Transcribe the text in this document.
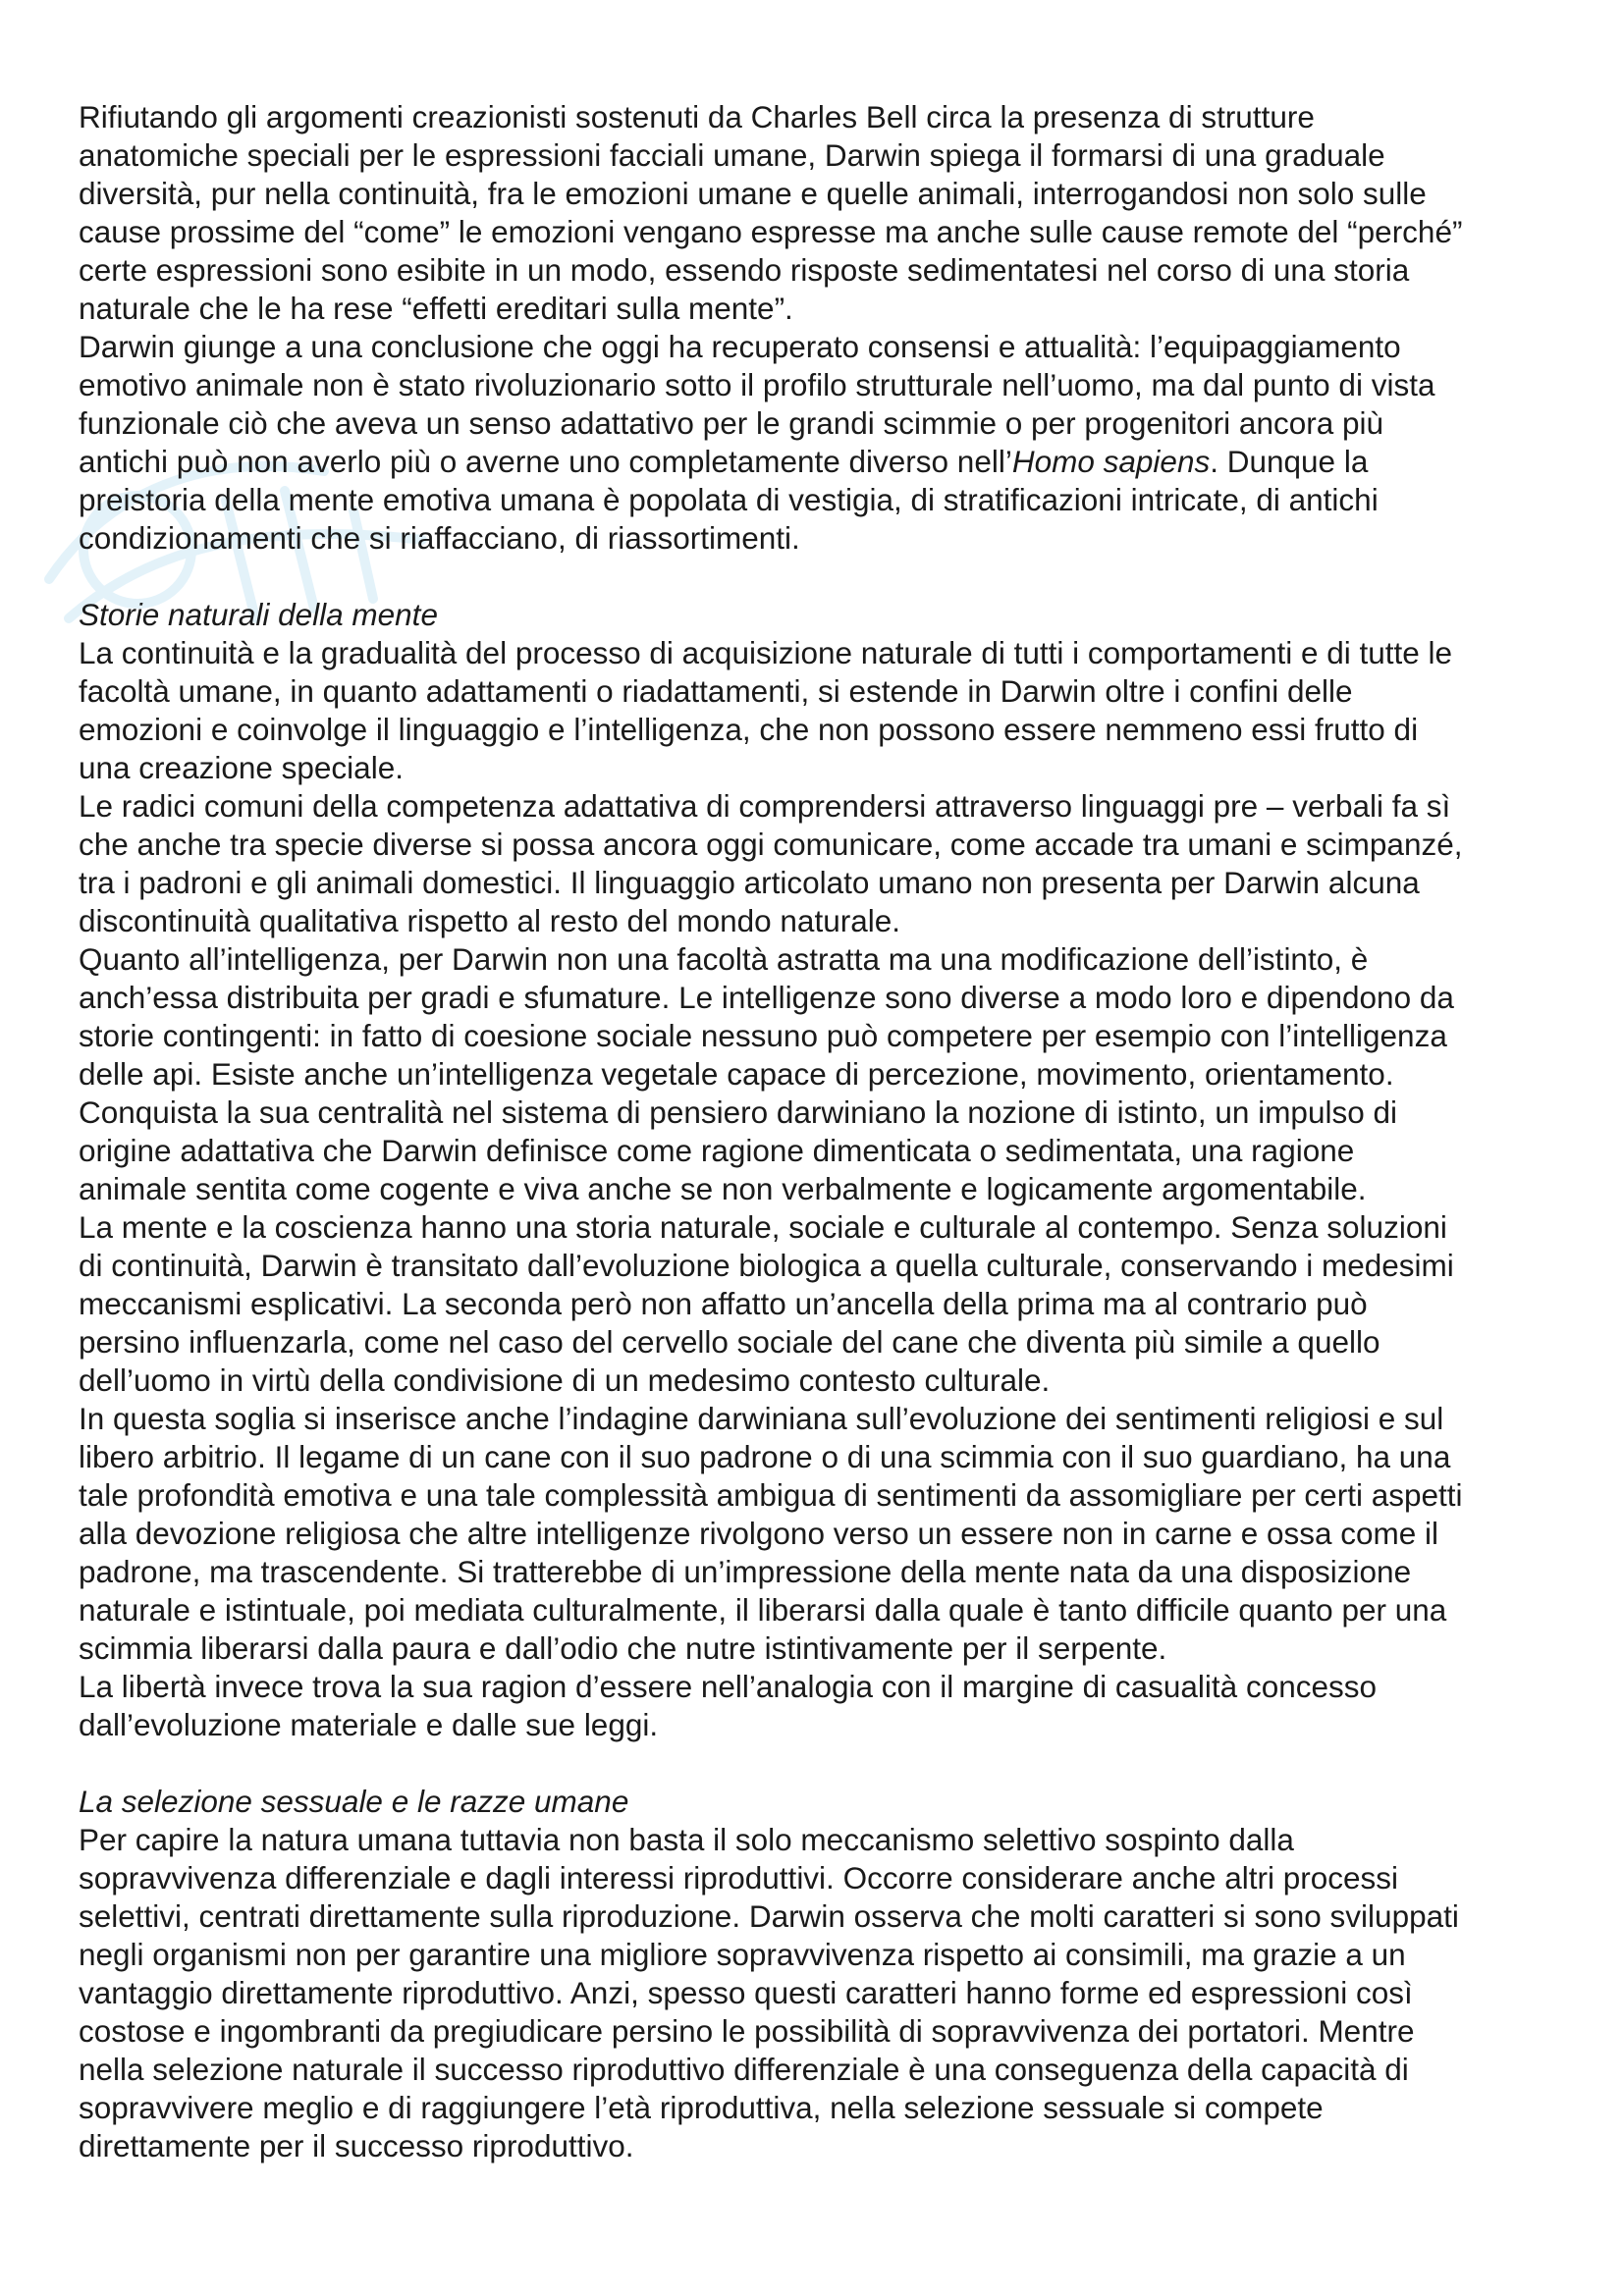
Rifiutando gli argomenti creazionisti sostenuti da Charles Bell circa la presenza di strutture

anatomiche speciali per le espressioni facciali umane, Darwin spiega il formarsi di una graduale

diversità, pur nella continuità, fra le emozioni umane e quelle animali, interrogandosi non solo sulle

cause prossime del “come” le emozioni vengano espresse ma anche sulle cause remote del “perché”

certe espressioni sono esibite in un modo, essendo risposte sedimentatesi nel corso di una storia

naturale che le ha rese “effetti ereditari sulla mente”.

Darwin giunge a una conclusione che oggi ha recuperato consensi e attualità: l’equipaggiamento

emotivo animale non è stato rivoluzionario sotto il profilo strutturale nell’uomo, ma dal punto di vista

funzionale ciò che aveva un senso adattativo per le grandi scimmie o per progenitori ancora più

antichi può non averlo più o averne uno completamente diverso nell’Homo sapiens. Dunque la

preistoria della mente emotiva umana è popolata di vestigia, di stratificazioni intricate, di antichi

condizionamenti che si riaffacciano, di riassortimenti.

Storie naturali della mente

La continuità e la gradualità del processo di acquisizione naturale di tutti i comportamenti e di tutte le

facoltà umane, in quanto adattamenti o riadattamenti, si estende in Darwin oltre i confini delle

emozioni e coinvolge il linguaggio e l’intelligenza, che non possono essere nemmeno essi frutto di

una creazione speciale.

Le radici comuni della competenza adattativa di comprendersi attraverso linguaggi pre – verbali fa sì

che anche tra specie diverse si possa ancora oggi comunicare, come accade tra umani e scimpanzé,

tra i padroni e gli animali domestici. Il linguaggio articolato umano non presenta per Darwin alcuna

discontinuità qualitativa rispetto al resto del mondo naturale.

Quanto all’intelligenza, per Darwin non una facoltà astratta ma una modificazione dell’istinto, è

anch’essa distribuita per gradi e sfumature. Le intelligenze sono diverse a modo loro e dipendono da

storie contingenti: in fatto di coesione sociale nessuno può competere per esempio con l’intelligenza

delle api. Esiste anche un’intelligenza vegetale capace di percezione, movimento, orientamento.

Conquista la sua centralità nel sistema di pensiero darwiniano la nozione di istinto, un impulso di

origine adattativa che Darwin definisce come ragione dimenticata o sedimentata, una ragione

animale sentita come cogente e viva anche se non verbalmente e logicamente argomentabile.

La mente e la coscienza hanno una storia naturale, sociale e culturale al contempo. Senza soluzioni

di continuità, Darwin è transitato dall’evoluzione biologica a quella culturale, conservando i medesimi

meccanismi esplicativi. La seconda però non affatto un’ancella della prima ma al contrario può

persino influenzarla, come nel caso del cervello sociale del cane che diventa più simile a quello

dell’uomo in virtù della condivisione di un medesimo contesto culturale.

In questa soglia si inserisce anche l’indagine darwiniana sull’evoluzione dei sentimenti religiosi e sul

libero arbitrio. Il legame di un cane con il suo padrone o di una scimmia con il suo guardiano, ha una

tale profondità emotiva e una tale complessità ambigua di sentimenti da assomigliare per certi aspetti

alla devozione religiosa che altre intelligenze rivolgono verso un essere non in carne e ossa come il

padrone, ma trascendente. Si tratterebbe di un’impressione della mente nata da una disposizione

naturale e istintuale, poi mediata culturalmente, il liberarsi dalla quale è tanto difficile quanto per una

scimmia liberarsi dalla paura e dall’odio che nutre istintivamente per il serpente.

La libertà invece trova la sua ragion d’essere nell’analogia con il margine di casualità concesso

dall’evoluzione materiale e dalle sue leggi.

La selezione sessuale e le razze umane

Per capire la natura umana tuttavia non basta il solo meccanismo selettivo sospinto dalla

sopravvivenza differenziale e dagli interessi riproduttivi. Occorre considerare anche altri processi

selettivi, centrati direttamente sulla riproduzione. Darwin osserva che molti caratteri si sono sviluppati

negli organismi non per garantire una migliore sopravvivenza rispetto ai consimili, ma grazie a un

vantaggio direttamente riproduttivo. Anzi, spesso questi caratteri hanno forme ed espressioni così

costose e ingombranti da pregiudicare persino le possibilità di sopravvivenza dei portatori. Mentre

nella selezione naturale il successo riproduttivo differenziale è una conseguenza della capacità di

sopravvivere meglio e di raggiungere l’età riproduttiva, nella selezione sessuale si compete

direttamente per il successo riproduttivo.
